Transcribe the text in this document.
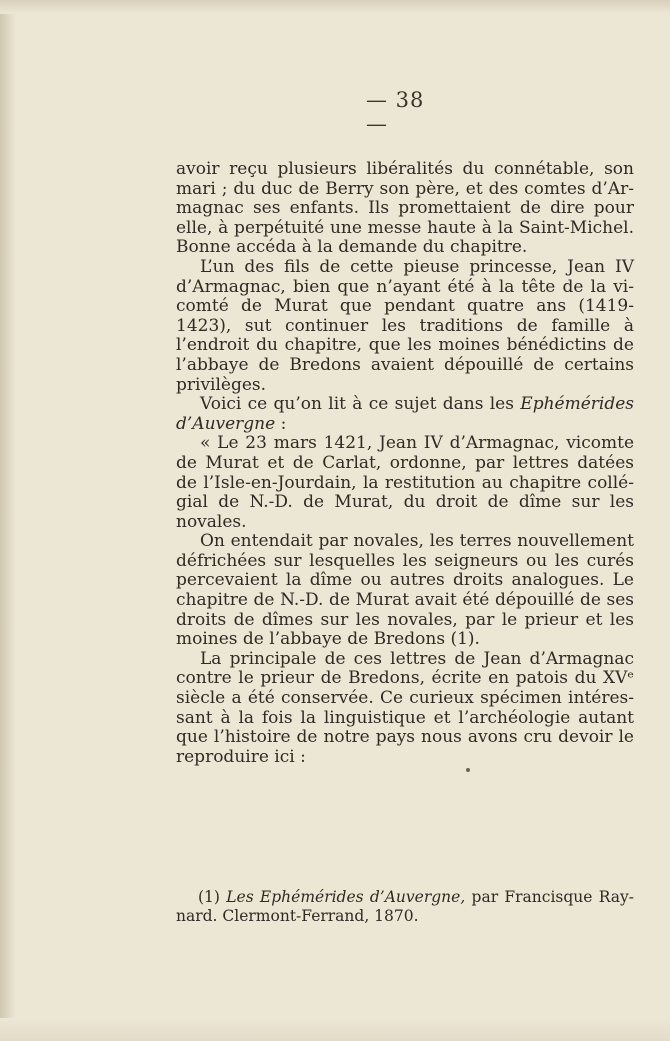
— 38 —

avoir reçu plusieurs libéralités du connétable, son mari ; du duc de Berry son père, et des comtes d’Armagnac ses enfants. Ils promettaient de dire pour elle, à perpétuité une messe haute à la Saint-Michel. Bonne accéda à la demande du chapitre.

L’un des fils de cette pieuse princesse, Jean IV d’Armagnac, bien que n’ayant été à la tête de la vicomté de Murat que pendant quatre ans (1419-1423), sut continuer les traditions de famille à l’endroit du chapitre, que les moines bénédictins de l’abbaye de Bredons avaient dépouillé de certains privilèges.

Voici ce qu’on lit à ce sujet dans les Ephémérides d’Auvergne :

« Le 23 mars 1421, Jean IV d’Armagnac, vicomte de Murat et de Carlat, ordonne, par lettres datées de l’Isle-en-Jourdain, la restitution au chapitre collégial de N.-D. de Murat, du droit de dîme sur les novales.

On entendait par novales, les terres nouvellement défrichées sur lesquelles les seigneurs ou les curés percevaient la dîme ou autres droits analogues. Le chapitre de N.-D. de Murat avait été dépouillé de ses droits de dîmes sur les novales, par le prieur et les moines de l’abbaye de Bredons (1).

La principale de ces lettres de Jean d’Armagnac contre le prieur de Bredons, écrite en patois du XVᵉ siècle a été conservée. Ce curieux spécimen intéressant à la fois la linguistique et l’archéologie autant que l’histoire de notre pays nous avons cru devoir le reproduire ici :

(1) Les Ephémérides d’Auvergne, par Francisque Raynard. Clermont-Ferrand, 1870.
